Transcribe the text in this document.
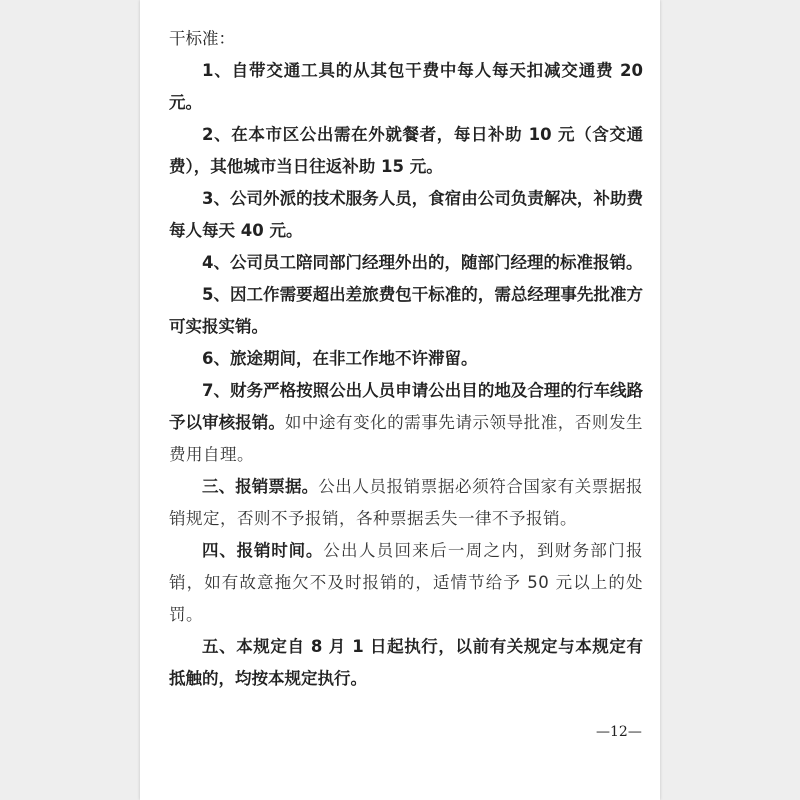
干标准：

1、自带交通工具的从其包干费中每人每天扣减交通费 20 元。

2、在本市区公出需在外就餐者，每日补助 10 元（含交通费），其他城市当日往返补助 15 元。

3、公司外派的技术服务人员，食宿由公司负责解决，补助费每人每天 40 元。

4、公司员工陪同部门经理外出的，随部门经理的标准报销。

5、因工作需要超出差旅费包干标准的，需总经理事先批准方可实报实销。

6、旅途期间，在非工作地不许滞留。

7、财务严格按照公出人员申请公出目的地及合理的行车线路予以审核报销。如中途有变化的需事先请示领导批准，否则发生费用自理。

三、报销票据。公出人员报销票据必须符合国家有关票据报销规定，否则不予报销，各种票据丢失一律不予报销。

四、报销时间。公出人员回来后一周之内，到财务部门报销，如有故意拖欠不及时报销的，适情节给予 50 元以上的处罚。

五、本规定自 8 月 1 日起执行，以前有关规定与本规定有抵触的，均按本规定执行。

—12—
